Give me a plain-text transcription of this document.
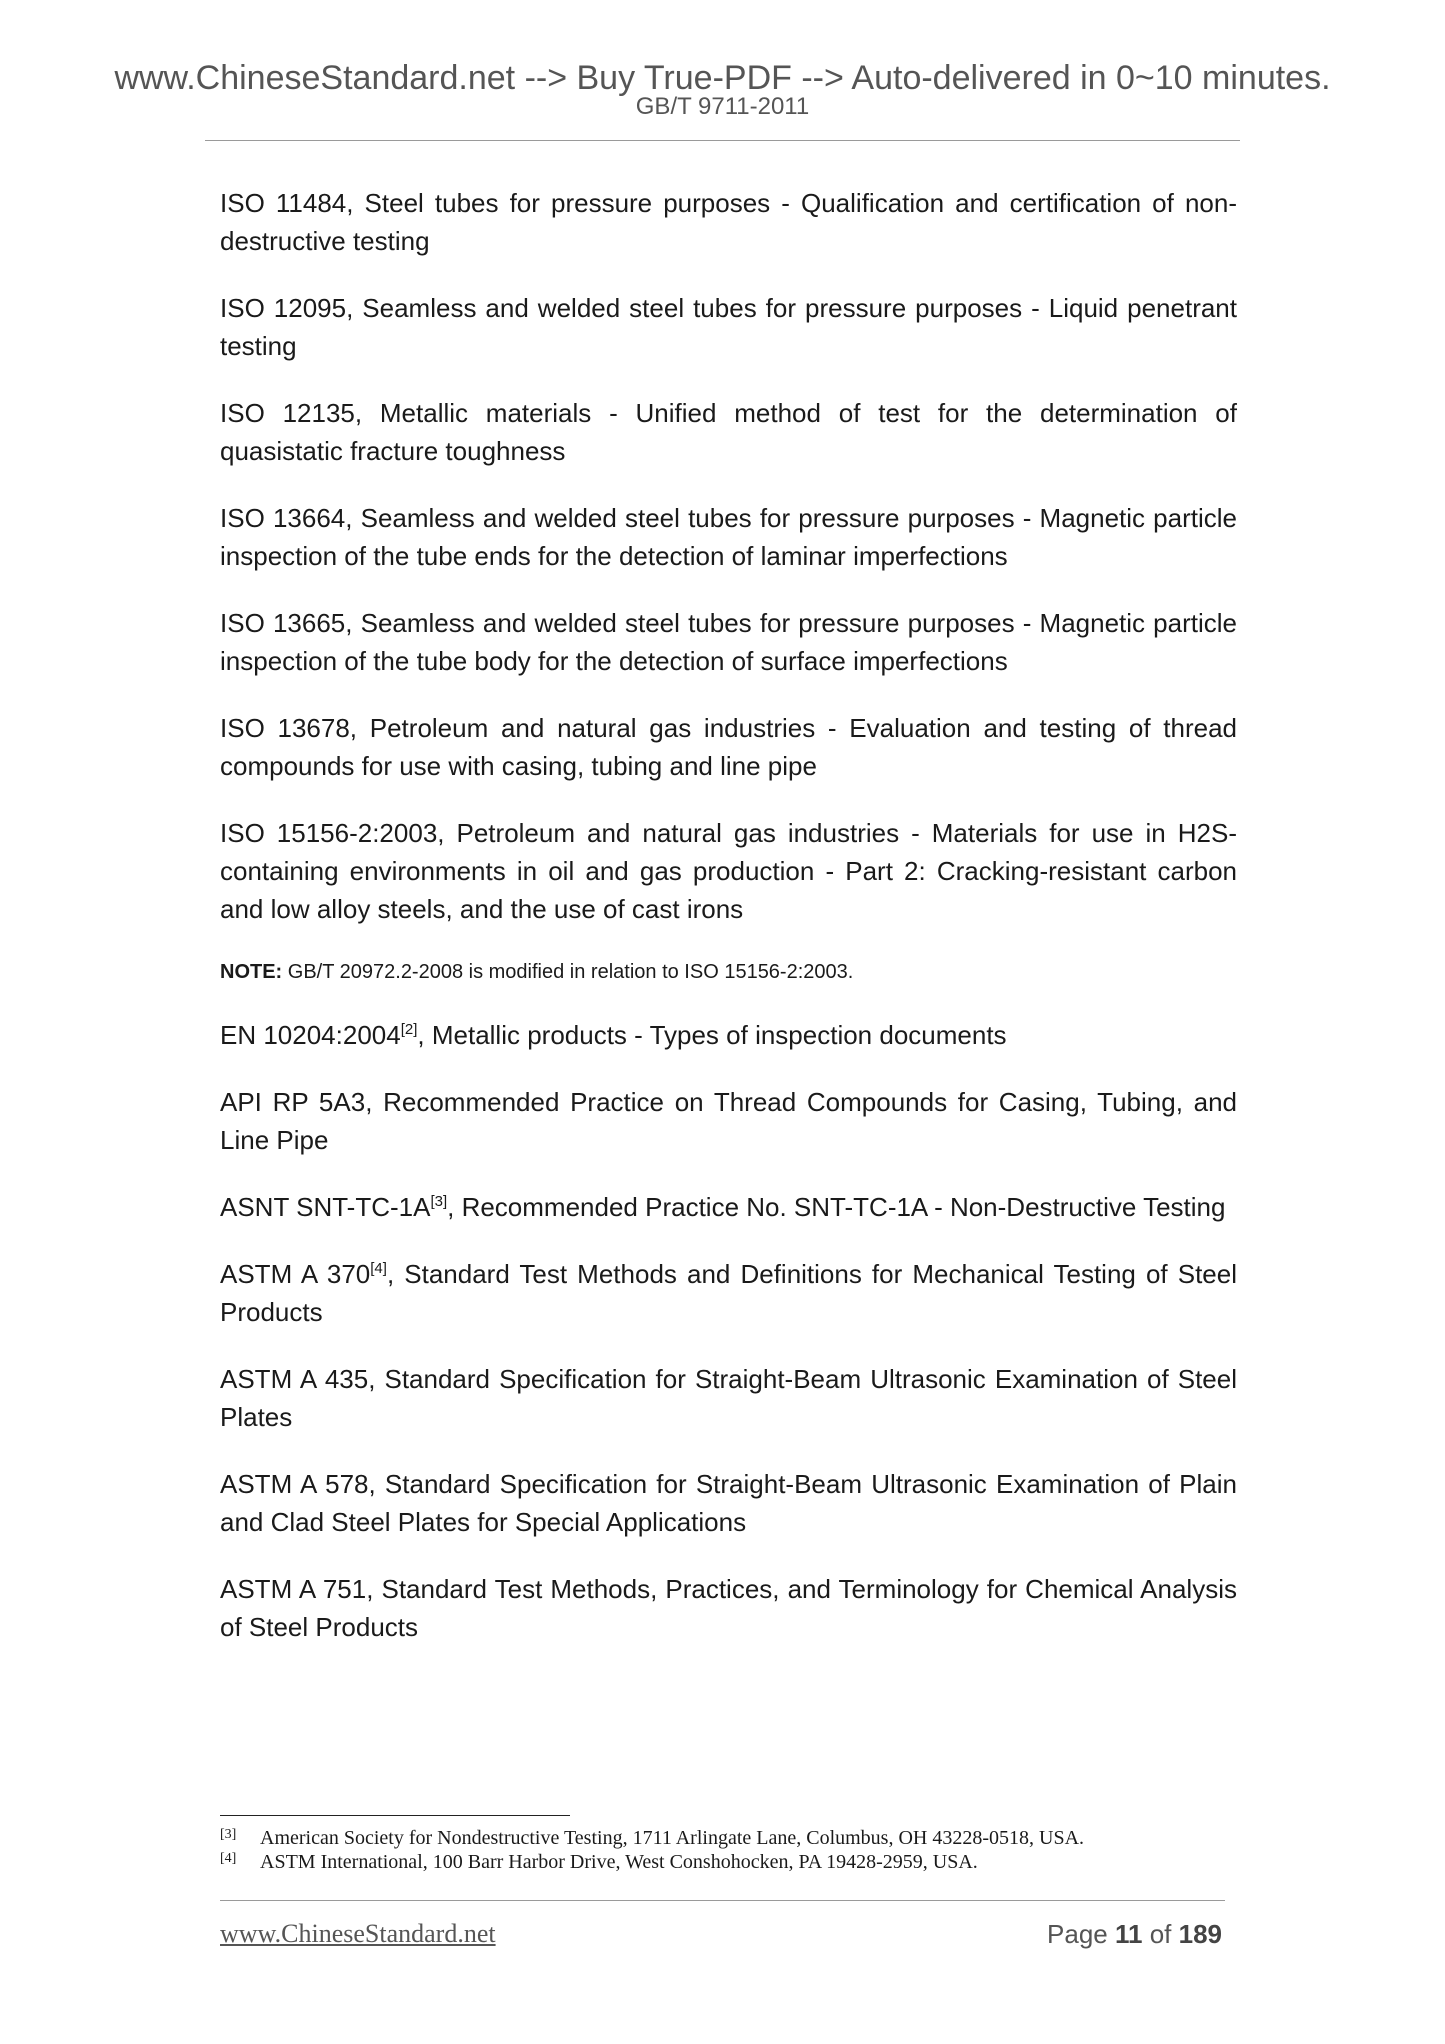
www.ChineseStandard.net --> Buy True-PDF --> Auto-delivered in 0~10 minutes.
GB/T 9711-2011

ISO 11484, Steel tubes for pressure purposes - Qualification and certification of non-destructive testing

ISO 12095, Seamless and welded steel tubes for pressure purposes - Liquid penetrant testing

ISO 12135, Metallic materials - Unified method of test for the determination of quasistatic fracture toughness

ISO 13664, Seamless and welded steel tubes for pressure purposes - Magnetic particle inspection of the tube ends for the detection of laminar imperfections

ISO 13665, Seamless and welded steel tubes for pressure purposes - Magnetic particle inspection of the tube body for the detection of surface imperfections

ISO 13678, Petroleum and natural gas industries - Evaluation and testing of thread compounds for use with casing, tubing and line pipe

ISO 15156-2:2003, Petroleum and natural gas industries - Materials for use in H2S-containing environments in oil and gas production - Part 2: Cracking-resistant carbon and low alloy steels, and the use of cast irons

NOTE: GB/T 20972.2-2008 is modified in relation to ISO 15156-2:2003.

EN 10204:2004[2], Metallic products - Types of inspection documents

API RP 5A3, Recommended Practice on Thread Compounds for Casing, Tubing, and Line Pipe

ASNT SNT-TC-1A[3], Recommended Practice No. SNT-TC-1A - Non-Destructive Testing

ASTM A 370[4], Standard Test Methods and Definitions for Mechanical Testing of Steel Products

ASTM A 435, Standard Specification for Straight-Beam Ultrasonic Examination of Steel Plates

ASTM A 578, Standard Specification for Straight-Beam Ultrasonic Examination of Plain and Clad Steel Plates for Special Applications

ASTM A 751, Standard Test Methods, Practices, and Terminology for Chemical Analysis of Steel Products

[3]	American Society for Nondestructive Testing, 1711 Arlingate Lane, Columbus, OH 43228-0518, USA.
[4]	ASTM International, 100 Barr Harbor Drive, West Conshohocken, PA 19428-2959, USA.
www.ChineseStandard.net	Page 11 of 189
